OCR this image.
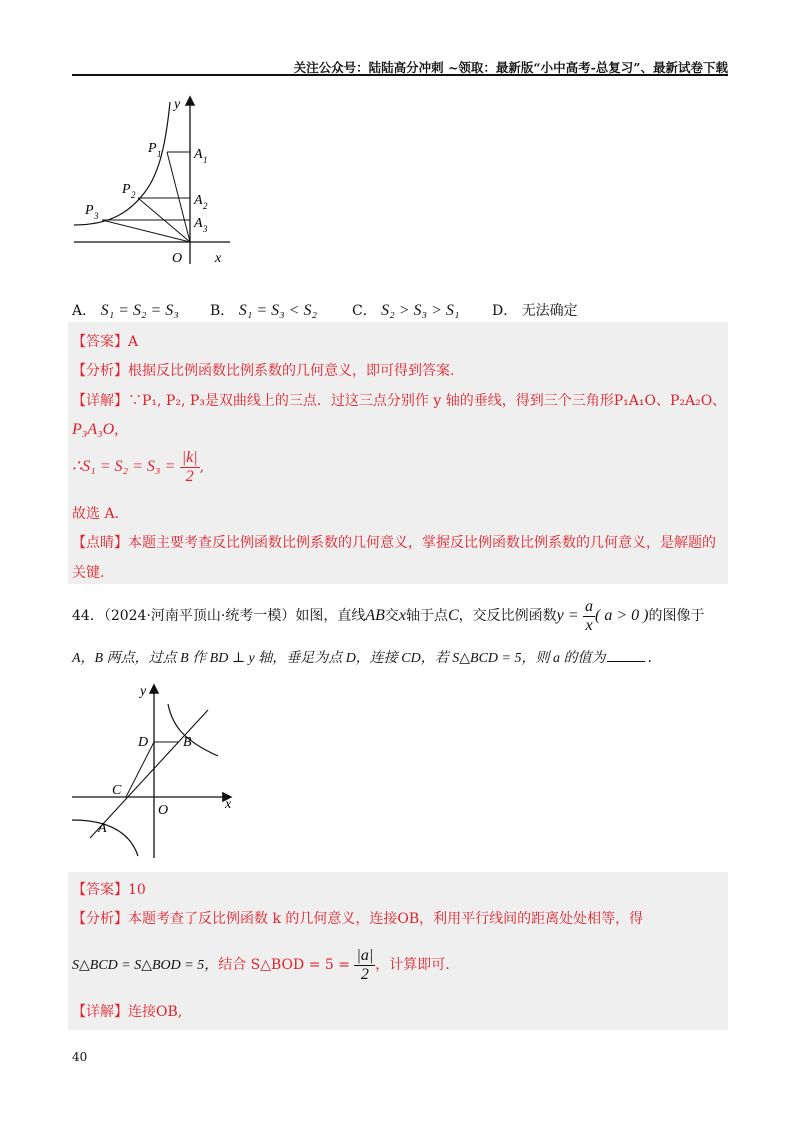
关注公众号：陆陆高分冲刺 ~领取：最新版“小中高考-总复习”、最新试卷下载
y
x
O
P 1
P 2
P 3
A 1
A 2
A 3
A． S₁ = S₂ = S₃ B． S₁ = S₃ < S₂ C． S₂ > S₃ > S₁ D． 无法确定
【答案】A
【分析】根据反比例函数比例系数的几何意义，即可得到答案.
【详解】∵P₁, P₂, P₃是双曲线上的三点．过这三点分别作 y 轴的垂线，得到三个三角形P₁A₁O、P₂A₂O、
P₃A₃O,
∴S₁ = $S_2 = S_3 = \frac{|k|}{2}$ ,
故选 A.
【点睛】本题主要考查反比例函数比例系数的几何意义，掌握反比例函数比例系数的几何意义，是解题的
关键.
44．（2024·河南平顶山·统考一模）如图，直线AB交x轴于点C，交反比例函数$y = \frac{a}{x}$ ( a > 0 )的图像于
A，B 两点，过点 B 作 BD ⊥ y 轴，垂足为点 D，连接 CD，若 S△BCD = 5，则 a 的值为	.
y
x
O
D B
C
A
【答案】10
【分析】本题考查了反比例函数 k 的几何意义，连接OB，利用平行线间的距离处处相等，得
S△BCD = S△BOD = 5，结合 S△BOD = $5 = \frac{|a|}{2}$ ，计算即可.
【详解】连接OB,
40
